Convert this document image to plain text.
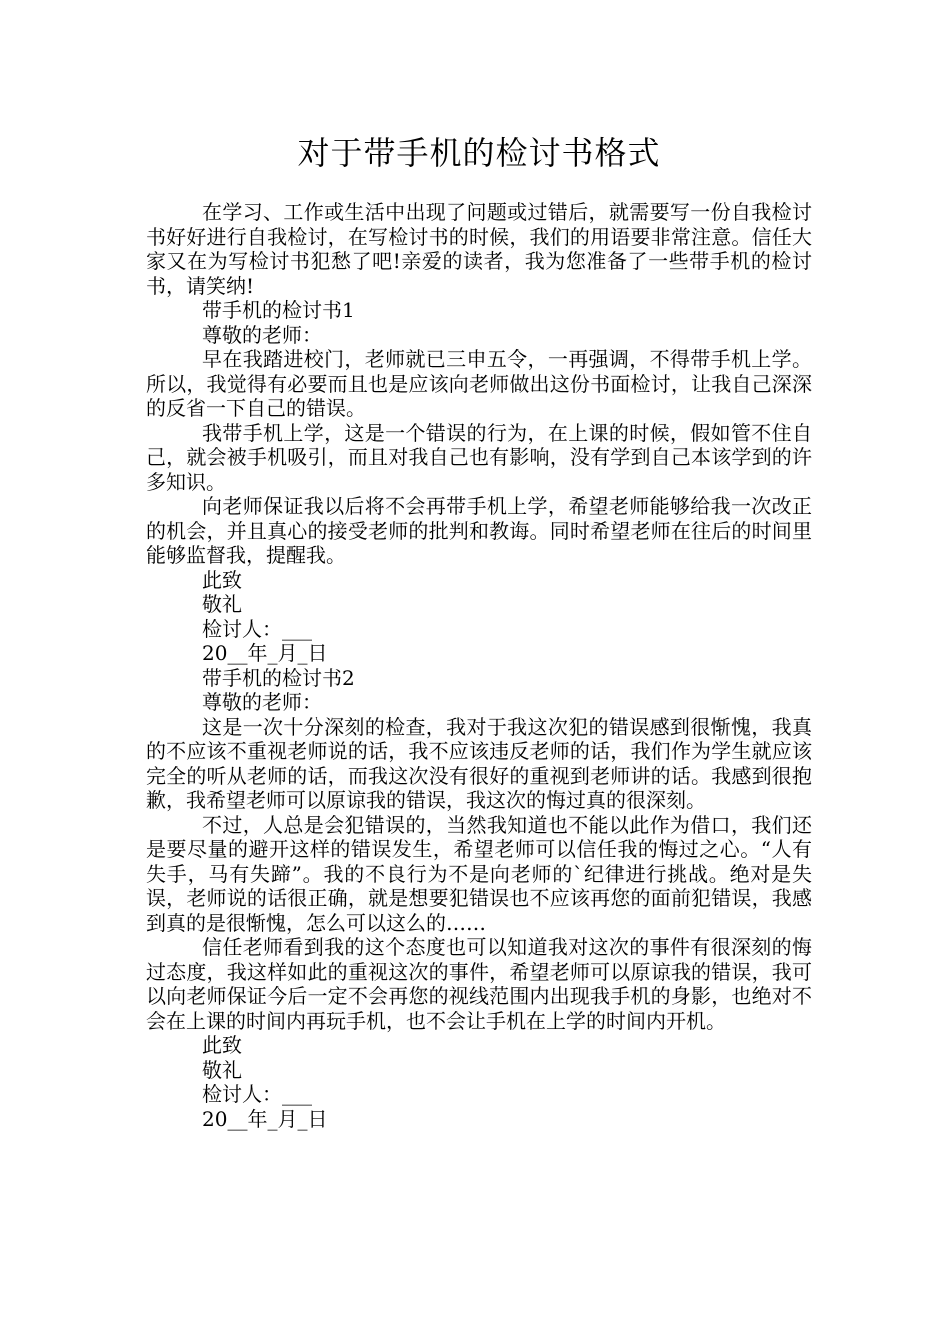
对于带手机的检讨书格式

在学习、工作或生活中出现了问题或过错后，就需要写一份自我检讨书好好进行自我检讨，在写检讨书的时候，我们的用语要非常注意。信任大家又在为写检讨书犯愁了吧!亲爱的读者，我为您准备了一些带手机的检讨书，请笑纳!

带手机的检讨书1

尊敬的老师：

早在我踏进校门，老师就已三申五令，一再强调，不得带手机上学。所以，我觉得有必要而且也是应该向老师做出这份书面检讨，让我自己深深的反省一下自己的错误。

我带手机上学，这是一个错误的行为，在上课的时候，假如管不住自己，就会被手机吸引，而且对我自己也有影响，没有学到自己本该学到的许多知识。

向老师保证我以后将不会再带手机上学，希望老师能够给我一次改正的机会，并且真心的接受老师的批判和教诲。同时希望老师在往后的时间里能够监督我，提醒我。

此致

敬礼

检讨人：___

20__年_月_日

带手机的检讨书2

尊敬的老师：

这是一次十分深刻的检查，我对于我这次犯的错误感到很惭愧，我真的不应该不重视老师说的话，我不应该违反老师的话，我们作为学生就应该完全的听从老师的话，而我这次没有很好的重视到老师讲的话。我感到很抱歉，我希望老师可以原谅我的错误，我这次的悔过真的很深刻。

不过，人总是会犯错误的，当然我知道也不能以此作为借口，我们还是要尽量的避开这样的错误发生，希望老师可以信任我的悔过之心。“人有失手，马有失蹄”。我的不良行为不是向老师的`纪律进行挑战。绝对是失误，老师说的话很正确，就是想要犯错误也不应该再您的面前犯错误，我感到真的是很惭愧，怎么可以这么的……

信任老师看到我的这个态度也可以知道我对这次的事件有很深刻的悔过态度，我这样如此的重视这次的事件，希望老师可以原谅我的错误，我可以向老师保证今后一定不会再您的视线范围内出现我手机的身影，也绝对不会在上课的时间内再玩手机，也不会让手机在上学的时间内开机。

此致

敬礼

检讨人：___

20__年_月_日
